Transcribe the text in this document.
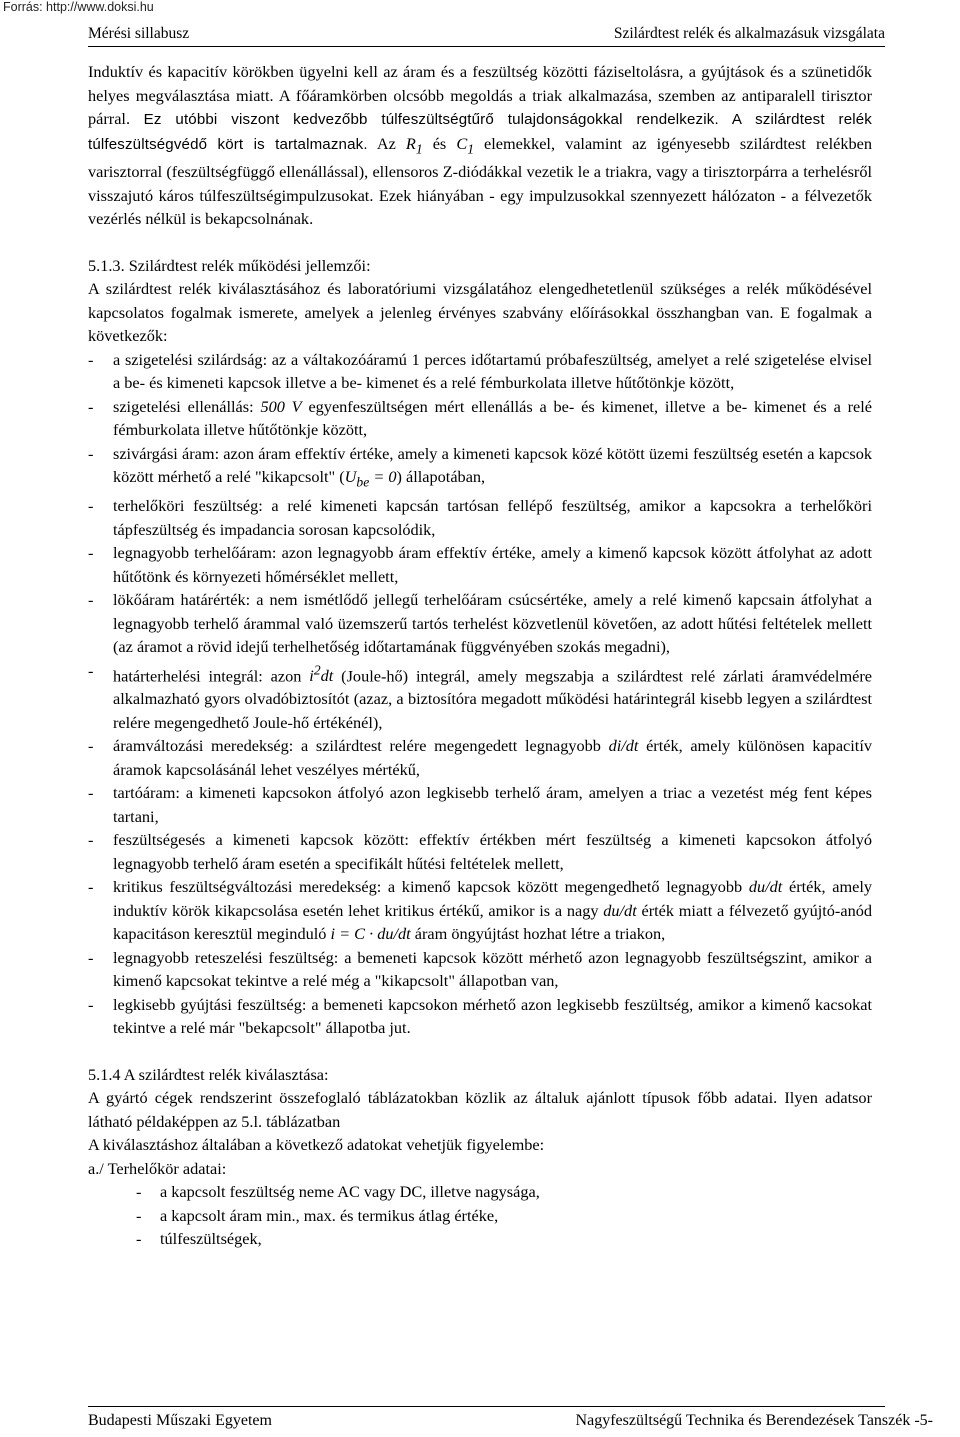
Forrás: http://www.doksi.hu
Mérési sillabusz	Szilárdtest relék és alkalmazásuk vizsgálata

Induktív és kapacitív körökben ügyelni kell az áram és a feszültség közötti fáziseltolásra, a gyújtások és a szünetidők helyes megválasztása miatt. A főáramkörben olcsóbb megoldás a triak alkalmazása, szemben az antiparalell tirisztor párral. Ez utóbbi viszont kedvezőbb túlfeszültségtűrő tulajdonságokkal rendelkezik. A szilárdtest relék túlfeszültségvédő kört is tartalmaznak. Az $R_1$ és $C_1$ elemekkel, valamint az igényesebb szilárdtest relékben varisztorral (feszültségfüggő ellenállással), ellensoros Z-diódákkal vezetik le a triakra, vagy a tirisztorpárra a terhelésről visszajutó káros túlfeszültségimpulzusokat. Ezek hiányában - egy impulzusokkal szennyezett hálózaton - a félvezetők vezérlés nélkül is bekapcsolnának.

5.1.3. Szilárdtest relék működési jellemzői:

A szilárdtest relék kiválasztásához és laboratóriumi vizsgálatához elengedhetetlenül szükséges a relék működésével kapcsolatos fogalmak ismerete, amelyek a jelenleg érvényes szabvány előírásokkal összhangban van. E fogalmak a következők:

- a szigetelési szilárdság: az a váltakozóáramú 1 perces időtartamú próbafeszültség, amelyet a relé szigetelése elvisel a be- és kimeneti kapcsok illetve a be- kimenet és a relé fémburkolata illetve hűtőtönkje között,
- szigetelési ellenállás: 500 V egyenfeszültségen mért ellenállás a be- és kimenet, illetve a be- kimenet és a relé fémburkolata illetve hűtőtönkje között,
- szivárgási áram: azon áram effektív értéke, amely a kimeneti kapcsok közé kötött üzemi feszültség esetén a kapcsok között mérhető a relé "kikapcsolt" $(U_{be} = 0)$ állapotában,
- terhelőköri feszültség: a relé kimeneti kapcsán tartósan fellépő feszültség, amikor a kapcsokra a terhelőköri tápfeszültség és impadancia sorosan kapcsolódik,
- legnagyobb terhelőáram: azon legnagyobb áram effektív értéke, amely a kimenő kapcsok között átfolyhat az adott hűtőtönk és környezeti hőmérséklet mellett,
- lökőáram határérték: a nem ismétlődő jellegű terhelőáram csúcsértéke, amely a relé kimenő kapcsain átfolyhat a legnagyobb terhelő árammal való üzemszerű tartós terhelést közvetlenül követően, az adott hűtési feltételek mellett (az áramot a rövid idejű terhelhetőség időtartamának függvényében szokás megadni),
- határterhelési integrál: azon $i^2dt$ (Joule-hő) integrál, amely megszabja a szilárdtest relé zárlati áramvédelmére alkalmazható gyors olvadóbiztosítót (azaz, a biztosítóra megadott működési határintegrál kisebb legyen a szilárdtest relére megengedhető Joule-hő értékénél),
- áramváltozási meredekség: a szilárdtest relére megengedett legnagyobb di/dt érték, amely különösen kapacitív áramok kapcsolásánál lehet veszélyes mértékű,
- tartóáram: a kimeneti kapcsokon átfolyó azon legkisebb terhelő áram, amelyen a triac a vezetést még fent képes tartani,
- feszültségesés a kimeneti kapcsok között: effektív értékben mért feszültség a kimeneti kapcsokon átfolyó legnagyobb terhelő áram esetén a specifikált hűtési feltételek mellett,
- kritikus feszültségváltozási meredekség: a kimenő kapcsok között megengedhető legnagyobb du/dt érték, amely induktív körök kikapcsolása esetén lehet kritikus értékű, amikor is a nagy du/dt érték miatt a félvezető gyújtó-anód kapacitáson keresztül meginduló i = C · du/dt áram öngyújtást hozhat létre a triakon,
- legnagyobb reteszelési feszültség: a bemeneti kapcsok között mérhető azon legnagyobb feszültségszint, amikor a kimenő kapcsokat tekintve a relé még a "kikapcsolt" állapotban van,
- legkisebb gyújtási feszültség: a bemeneti kapcsokon mérhető azon legkisebb feszültség, amikor a kimenő kacsokat tekintve a relé már "bekapcsolt" állapotba jut.

5.1.4 A szilárdtest relék kiválasztása:

A gyártó cégek rendszerint összefoglaló táblázatokban közlik az általuk ajánlott típusok főbb adatai. Ilyen adatsor látható példaképpen az 5.l. táblázatban

A kiválasztáshoz általában a következő adatokat vehetjük figyelembe:

a./ Terhelőkör adatai:

- a kapcsolt feszültség neme AC vagy DC, illetve nagysága,
- a kapcsolt áram min., max. és termikus átlag értéke,
- túlfeszültségek,
Budapesti Műszaki Egyetem	Nagyfeszültségű Technika és Berendezések Tanszék -5-
